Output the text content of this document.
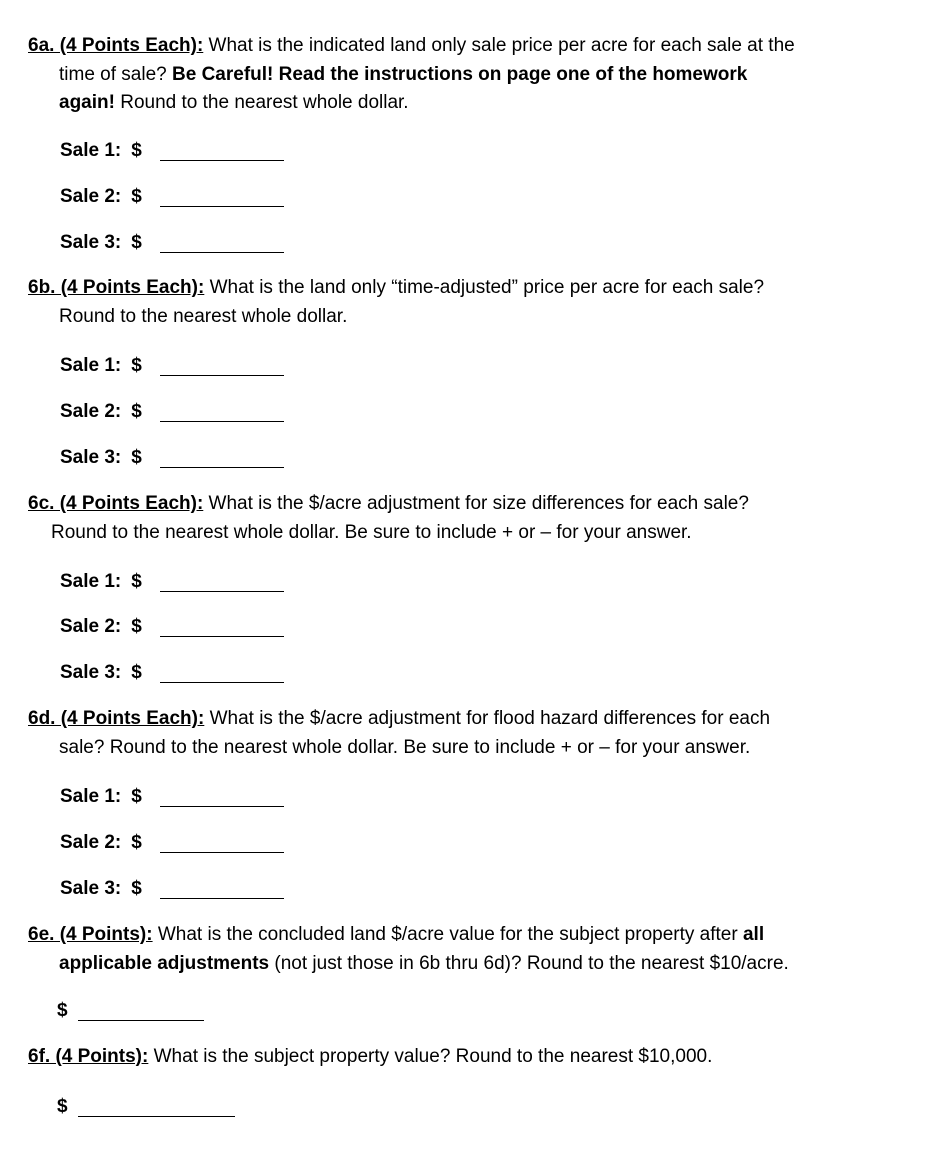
6a. (4 Points Each): What is the indicated land only sale price per acre for each sale at the
time of sale? Be Careful! Read the instructions on page one of the homework
again! Round to the nearest whole dollar.
Sale 1: $
Sale 2: $
Sale 3: $
6b. (4 Points Each): What is the land only “time-adjusted” price per acre for each sale?
Round to the nearest whole dollar.
Sale 1: $
Sale 2: $
Sale 3: $
6c. (4 Points Each): What is the $/acre adjustment for size differences for each sale?
Round to the nearest whole dollar. Be sure to include + or – for your answer.
Sale 1: $
Sale 2: $
Sale 3: $
6d. (4 Points Each): What is the $/acre adjustment for flood hazard differences for each
sale? Round to the nearest whole dollar. Be sure to include + or – for your answer.
Sale 1: $
Sale 2: $
Sale 3: $
6e. (4 Points): What is the concluded land $/acre value for the subject property after all
applicable adjustments (not just those in 6b thru 6d)? Round to the nearest $10/acre.
$
6f. (4 Points): What is the subject property value? Round to the nearest $10,000.
$
